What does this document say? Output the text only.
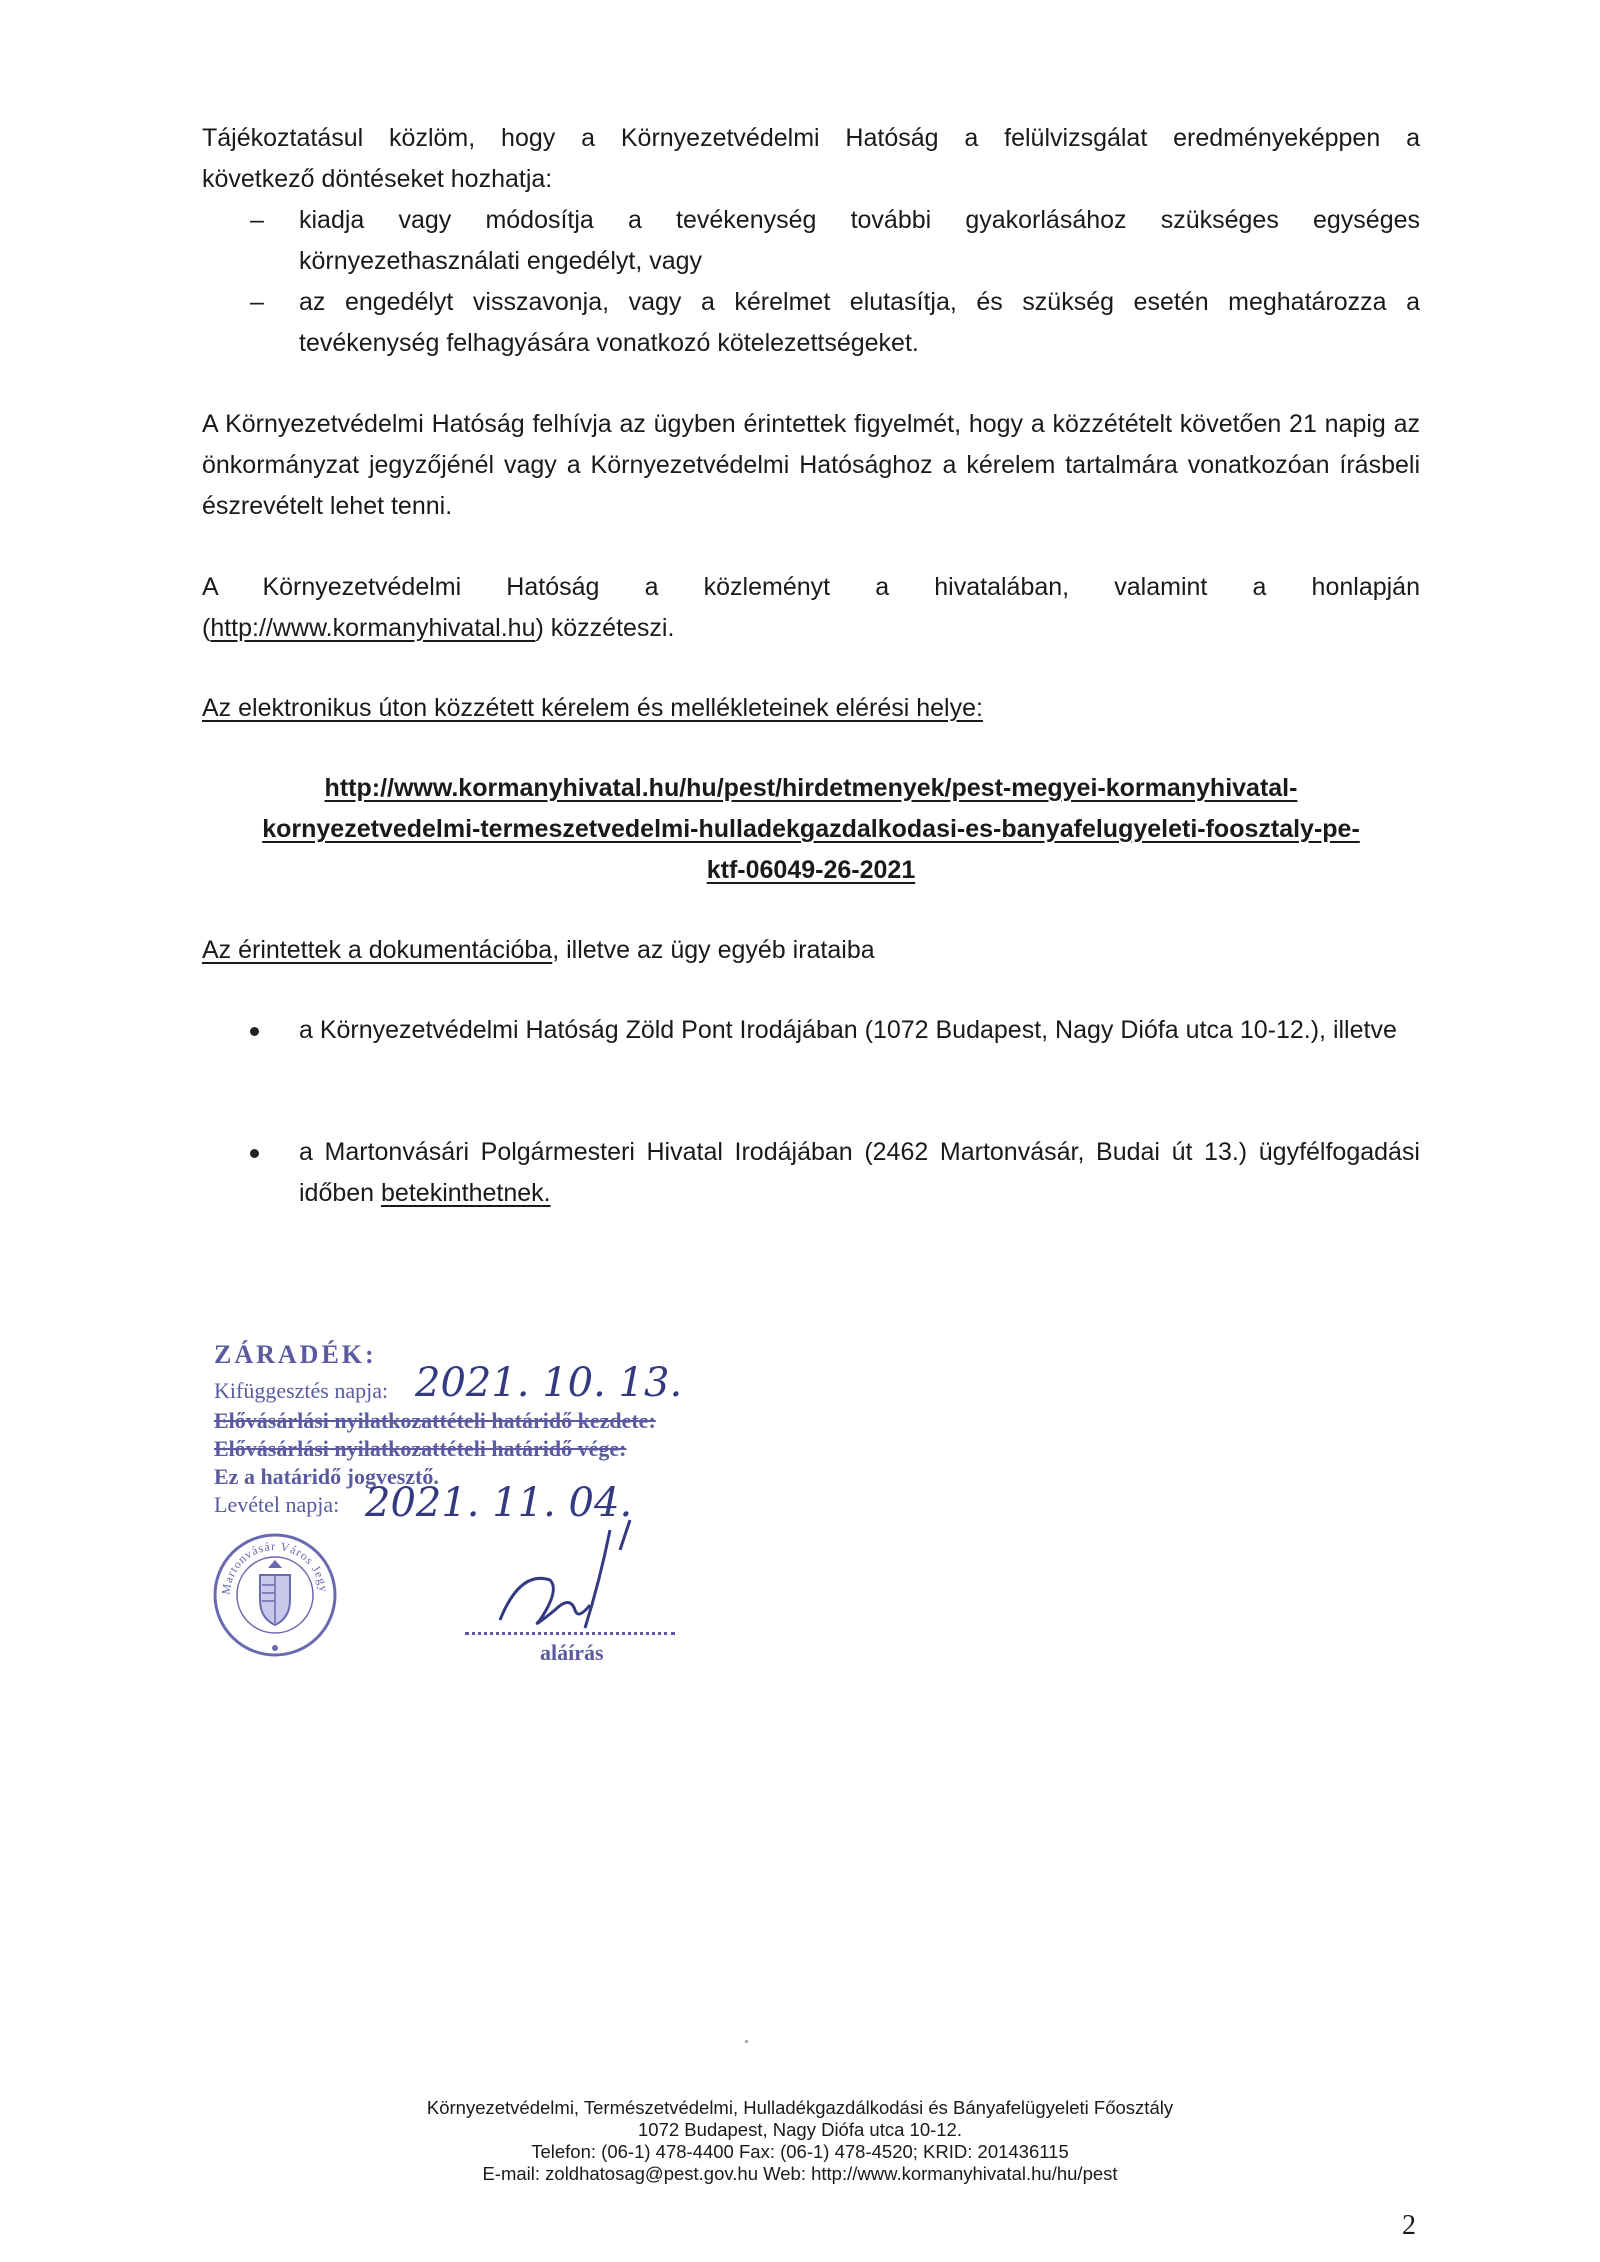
Tájékoztatásul közlöm, hogy a Környezetvédelmi Hatóság a felülvizsgálat eredményeképpen a
következő döntéseket hozhatja:
– kiadja vagy módosítja a tevékenység további gyakorlásához szükséges egységes környezethasználati engedélyt, vagy
– az engedélyt visszavonja, vagy a kérelmet elutasítja, és szükség esetén meghatározza a tevékenység felhagyására vonatkozó kötelezettségeket.
A Környezetvédelmi Hatóság felhívja az ügyben érintettek figyelmét, hogy a közzétételt követően 21 napig az önkormányzat jegyzőjénél vagy a Környezetvédelmi Hatósághoz a kérelem tartalmára vonatkozóan írásbeli észrevételt lehet tenni.
A Környezetvédelmi Hatóság a közleményt a hivatalában, valamint a honlapján
(http://www.kormanyhivatal.hu) közzéteszi.
Az elektronikus úton közzétett kérelem és mellékleteinek elérési helye:
http://www.kormanyhivatal.hu/hu/pest/hirdetmenyek/pest-megyei-kormanyhivatal-
kornyezetvedelmi-termeszetvedelmi-hulladekgazdalkodasi-es-banyafelugyeleti-fooszt​aly-pe-
ktf-06049-26-2021
Az érintettek a dokumentációba, illetve az ügy egyéb irataiba
a Környezetvédelmi Hatóság Zöld Pont Irodájában (1072 Budapest, Nagy Diófa utca 10-12.), illetve
a Martonvásári Polgármesteri Hivatal Irodájában (2462 Martonvásár, Budai út 13.) ügyfélfogadási időben betekinthetnek.
ZÁRADÉK:
Kifüggesztés napja: 2021. 10. 13.
Elővásárlási nyilatkozattételi határidő kezdete:
Elővásárlási nyilatkozattételi határidő vége:
Ez a határidő jogvesztő.
Levétel napja: 2021. 11. 04.
Martonvásár Város Jegy
aláírás
Környezetvédelmi, Természetvédelmi, Hulladékgazdálkodási és Bányafelügyeleti Főosztály
1072 Budapest, Nagy Diófa utca 10-12.
Telefon: (06-1) 478-4400 Fax: (06-1) 478-4520; KRID: 201436115
E-mail: zoldhatosag@pest.gov.hu Web: http://www.kormanyhivatal.hu/hu/pest
2
